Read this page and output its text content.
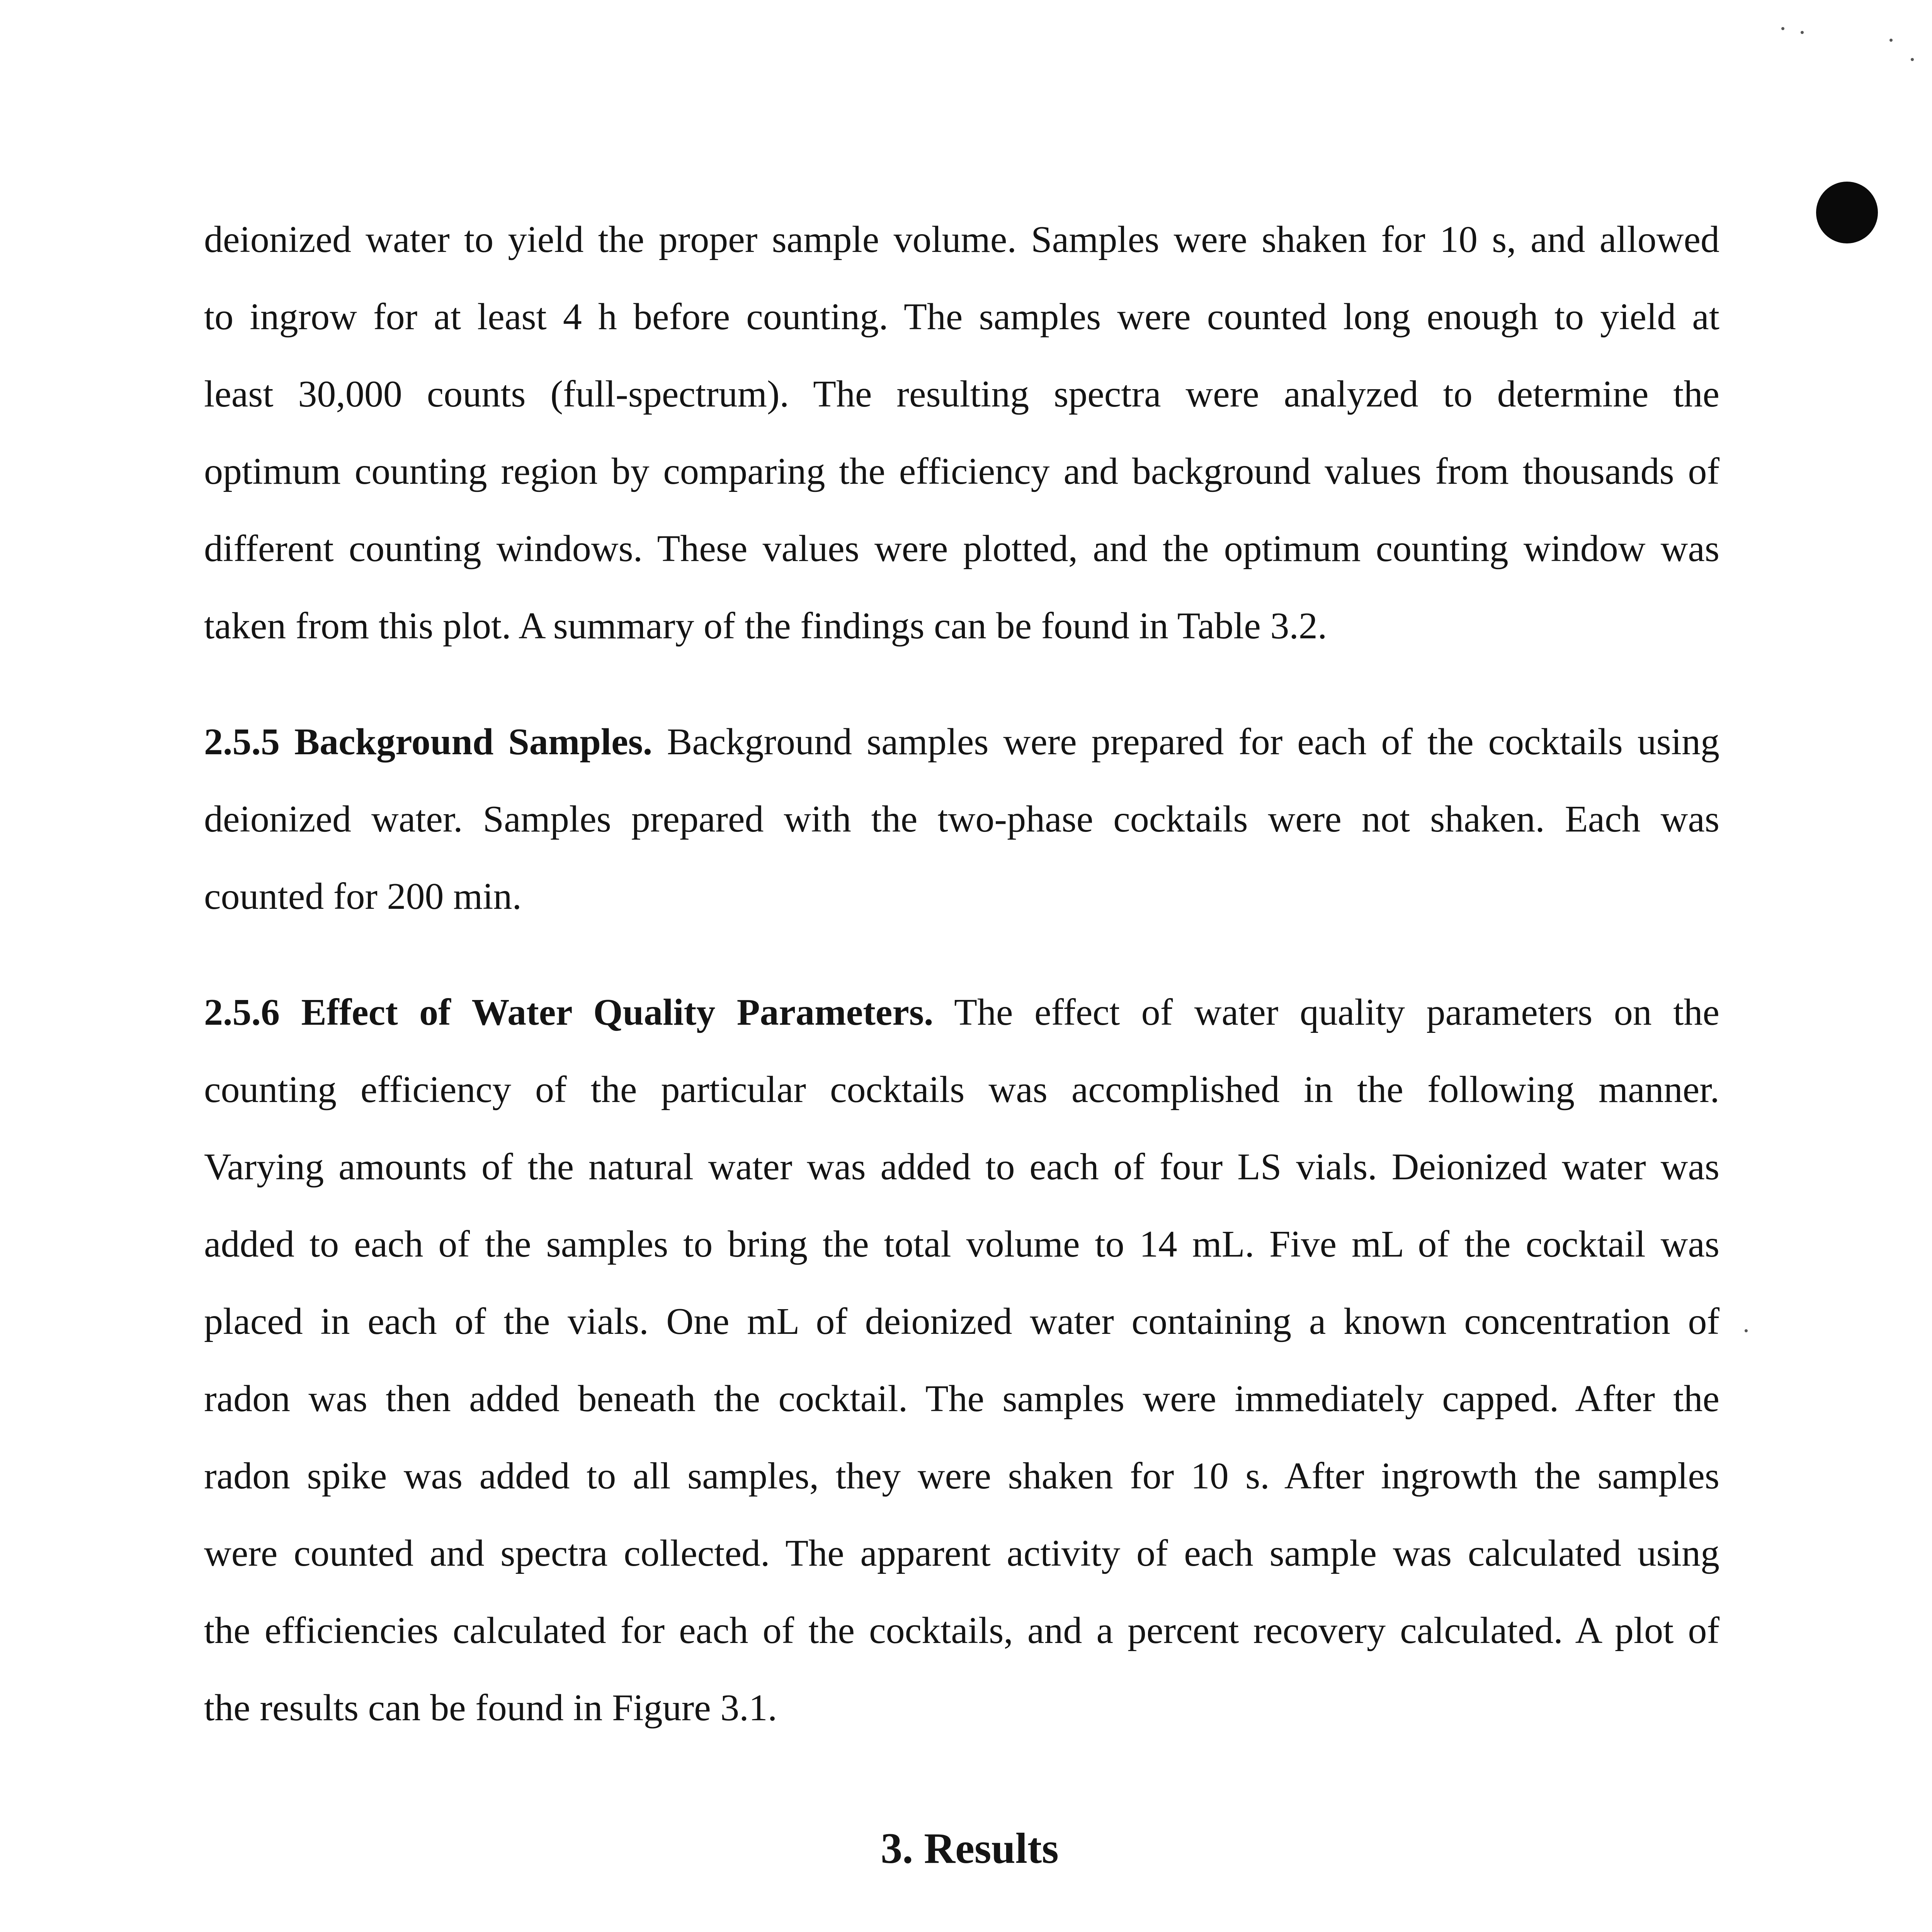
deionized water to yield the proper sample volume. Samples were shaken for 10 s, and allowed
to ingrow for at least 4 h before counting. The samples were counted long enough to yield at
least 30,000 counts (full-spectrum). The resulting spectra were analyzed to determine the
optimum counting region by comparing the efficiency and background values from thousands of
different counting windows. These values were plotted, and the optimum counting window was
taken from this plot. A summary of the findings can be found in Table 3.2.

2.5.5 Background Samples. Background samples were prepared for each of the cocktails using
deionized water. Samples prepared with the two-phase cocktails were not shaken. Each was
counted for 200 min.

2.5.6 Effect of Water Quality Parameters. The effect of water quality parameters on the
counting efficiency of the particular cocktails was accomplished in the following manner.
Varying amounts of the natural water was added to each of four LS vials. Deionized water was
added to each of the samples to bring the total volume to 14 mL. Five mL of the cocktail was
placed in each of the vials. One mL of deionized water containing a known concentration of
radon was then added beneath the cocktail. The samples were immediately capped. After the
radon spike was added to all samples, they were shaken for 10 s. After ingrowth the samples
were counted and spectra collected. The apparent activity of each sample was calculated using
the efficiencies calculated for each of the cocktails, and a percent recovery calculated. A plot of
the results can be found in Figure 3.1.

3. Results
